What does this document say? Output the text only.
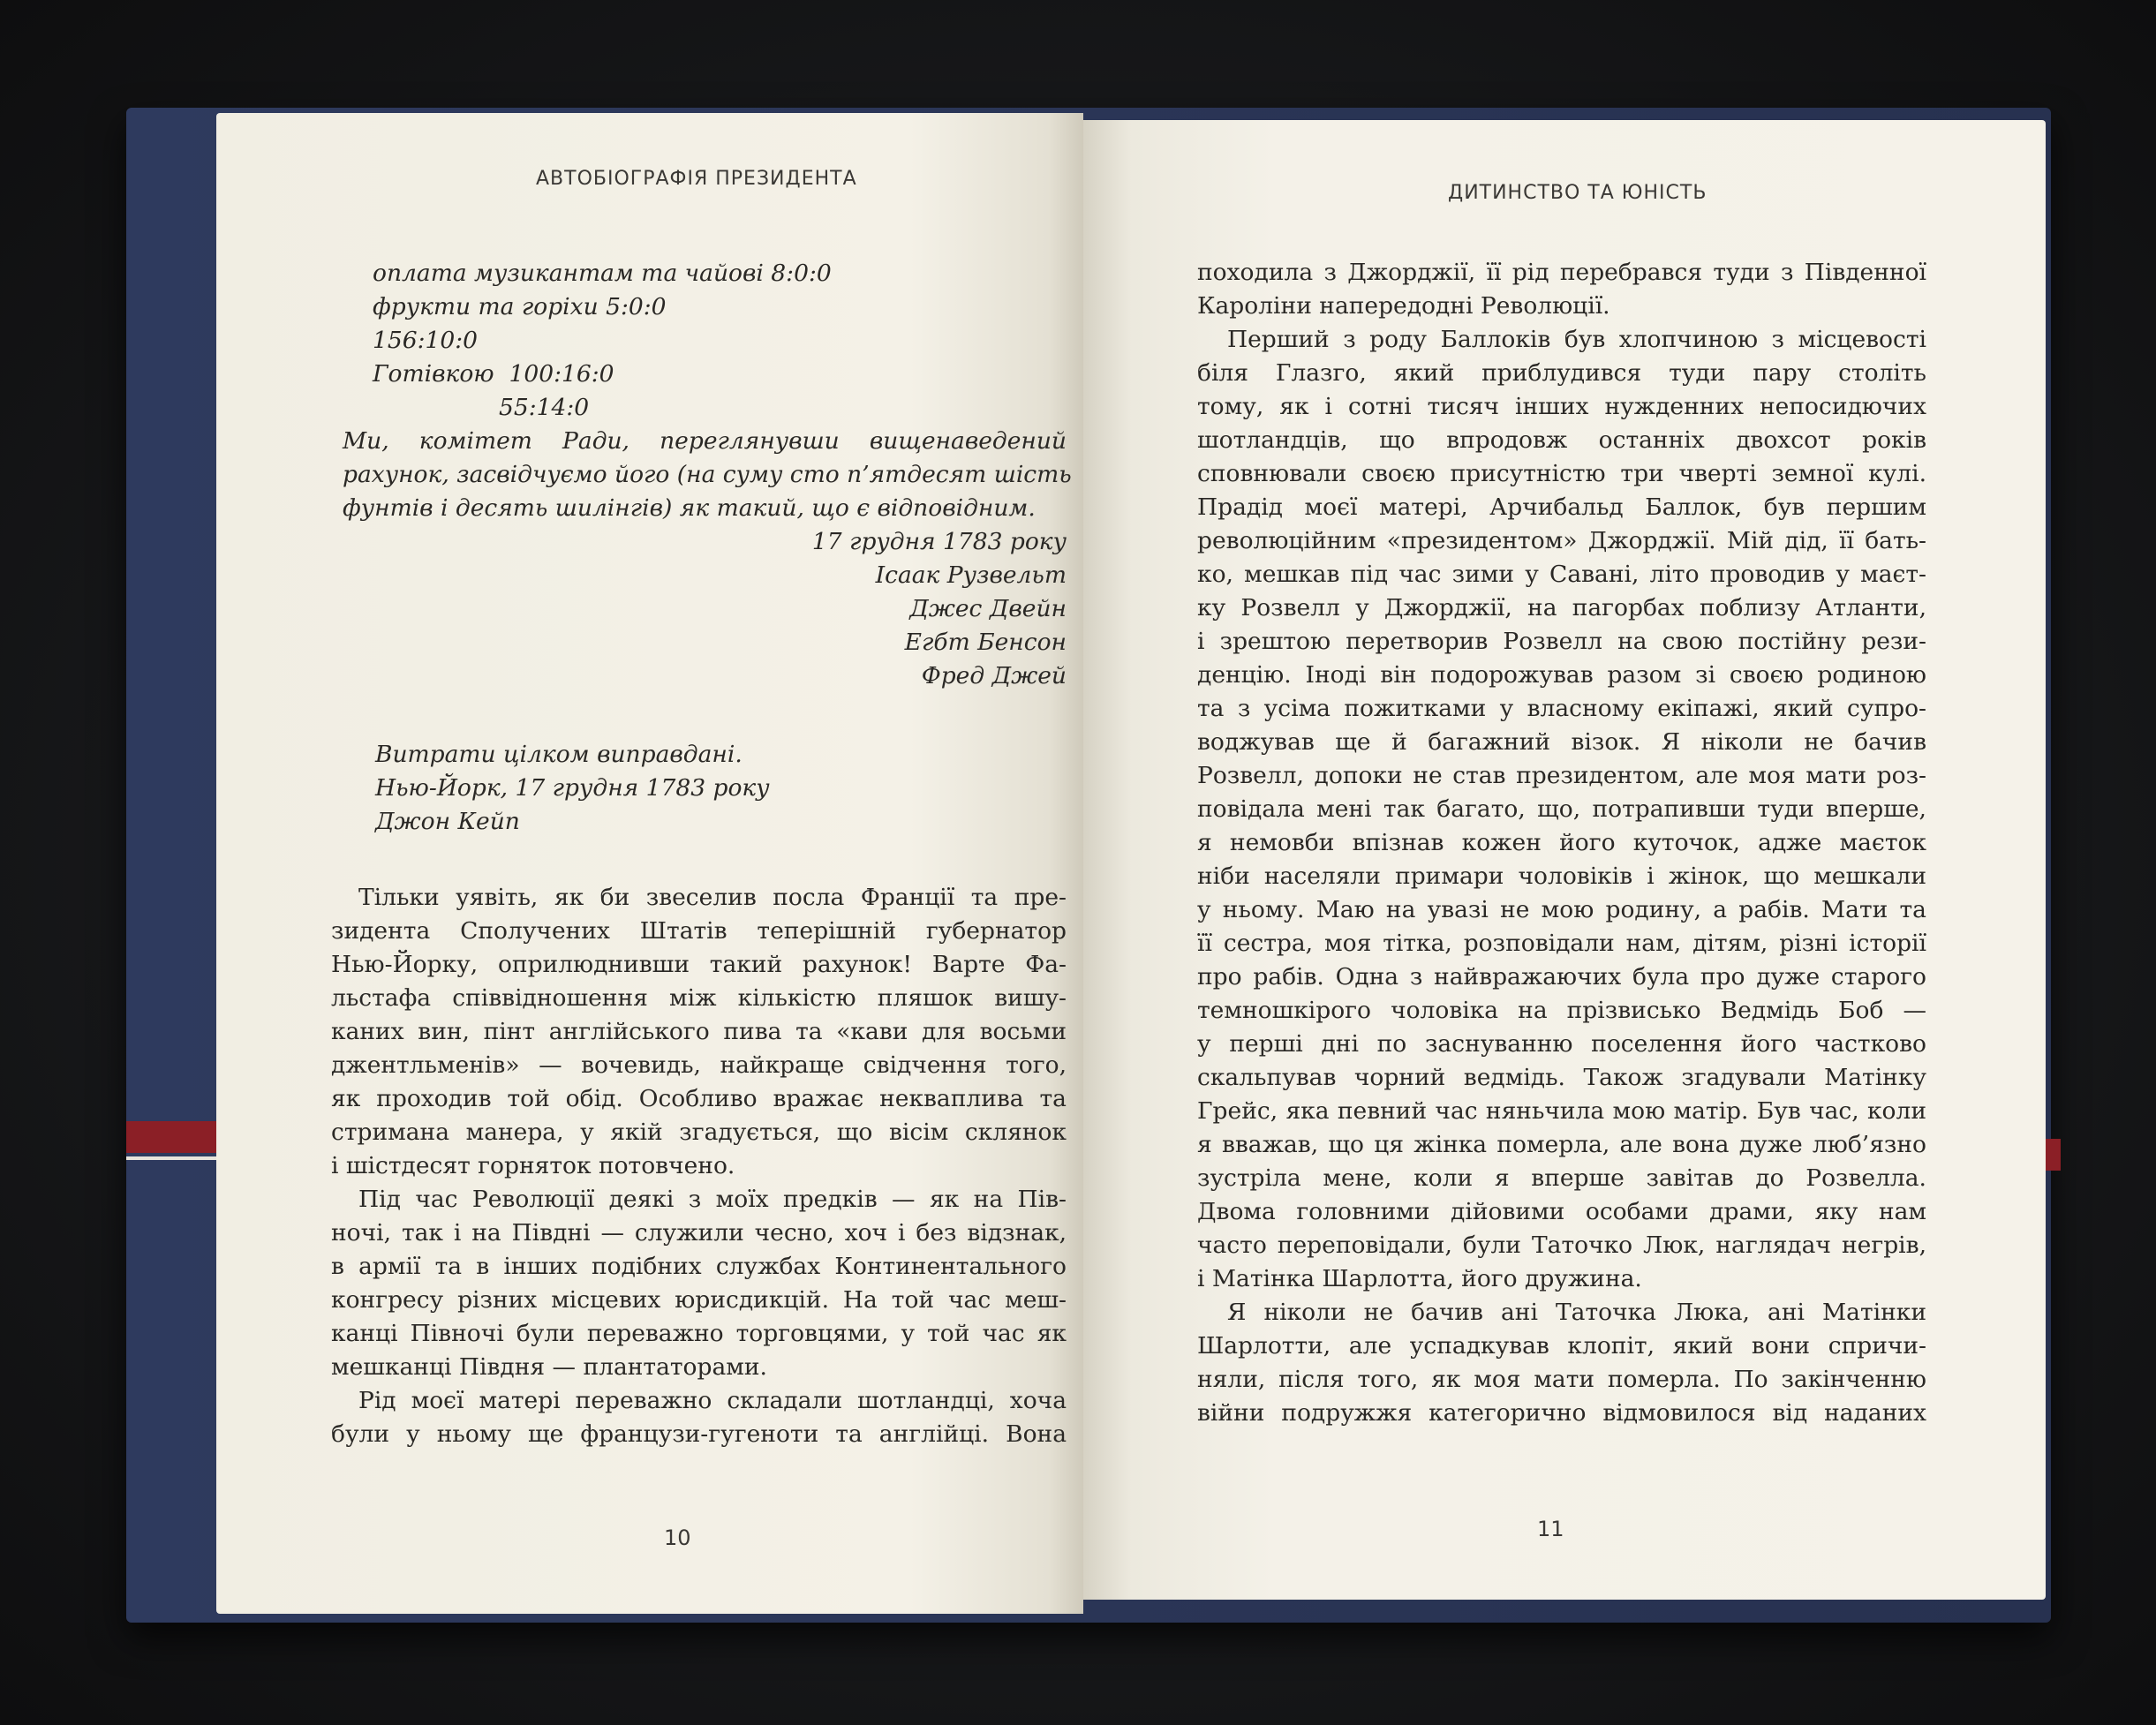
АВТОБІОГРАФІЯ ПРЕЗИДЕНТА
оплата музикантам та чайові 8:0:0
фрукти та горіхи 5:0:0
156:10:0
Готівкою  100:16:0
55:14:0
Ми, комітет Ради, переглянувши вищенаведений
рахунок, засвідчуємо його (на суму сто п’ятдесят шість
фунтів і десять шилінгів) як такий, що є відповідним.
17 грудня 1783 року
Ісаак Рузвельт
Джес Двейн
Егбт Бенсон
Фред Джей
Витрати цілком виправдані.
Нью-Йорк, 17 грудня 1783 року
Джон Кейп
Тільки уявіть, як би звеселив посла Франції та пре-
зидента Сполучених Штатів теперішній губернатор
Нью-Йорку, оприлюднивши такий рахунок! Варте Фа-
льстафа співвідношення між кількістю пляшок вишу-
каних вин, пінт англійського пива та «кави для восьми
джентльменів» — вочевидь, найкраще свідчення того,
як проходив той обід. Особливо вражає некваплива та
стримана манера, у якій згадується, що вісім склянок
і шістдесят горняток потовчено.
Під час Революції деякі з моїх предків — як на Пів-
ночі, так і на Півдні — служили чесно, хоч і без відзнак,
в армії та в інших подібних службах Континентального
конгресу різних місцевих юрисдикцій. На той час меш-
канці Півночі були переважно торговцями, у той час як
мешканці Півдня — плантаторами.
Рід моєї матері переважно складали шотландці, хоча
були у ньому ще французи-гугеноти та англійці. Вона
10
ДИТИНСТВО ТА ЮНІСТЬ
походила з Джорджії, її рід перебрався туди з Південної
Кароліни напередодні Революції.
Перший з роду Баллоків був хлопчиною з місцевості
біля Глазго, який приблудився туди пару століть
тому, як і сотні тисяч інших нужденних непосидючих
шотландців, що впродовж останніх двохсот років
сповнювали своєю присутністю три чверті земної кулі.
Прадід моєї матері, Арчибальд Баллок, був першим
революційним «президентом» Джорджії. Мій дід, її бать-
ко, мешкав під час зими у Савані, літо проводив у маєт-
ку Розвелл у Джорджії, на пагорбах поблизу Атланти,
і зрештою перетворив Розвелл на свою постійну рези-
денцію. Іноді він подорожував разом зі своєю родиною
та з усіма пожитками у власному екіпажі, який супро-
воджував ще й багажний візок. Я ніколи не бачив
Розвелл, допоки не став президентом, але моя мати роз-
повідала мені так багато, що, потрапивши туди вперше,
я немовби впізнав кожен його куточок, адже маєток
ніби населяли примари чоловіків і жінок, що мешкали
у ньому. Маю на увазі не мою родину, а рабів. Мати та
її сестра, моя тітка, розповідали нам, дітям, різні історії
про рабів. Одна з найвражаючих була про дуже старого
темношкірого чоловіка на прізвисько Ведмідь Боб —
у перші дні по заснуванню поселення його частково
скальпував чорний ведмідь. Також згадували Матінку
Грейс, яка певний час няньчила мою матір. Був час, коли
я вважав, що ця жінка померла, але вона дуже люб’язно
зустріла мене, коли я вперше завітав до Розвелла.
Двома головними дійовими особами драми, яку нам
часто переповідали, були Таточко Люк, наглядач негрів,
і Матінка Шарлотта, його дружина.
Я ніколи не бачив ані Таточка Люка, ані Матінки
Шарлотти, але успадкував клопіт, який вони спричи-
няли, після того, як моя мати померла. По закінченню
війни подружжя категорично відмовилося від наданих
11
